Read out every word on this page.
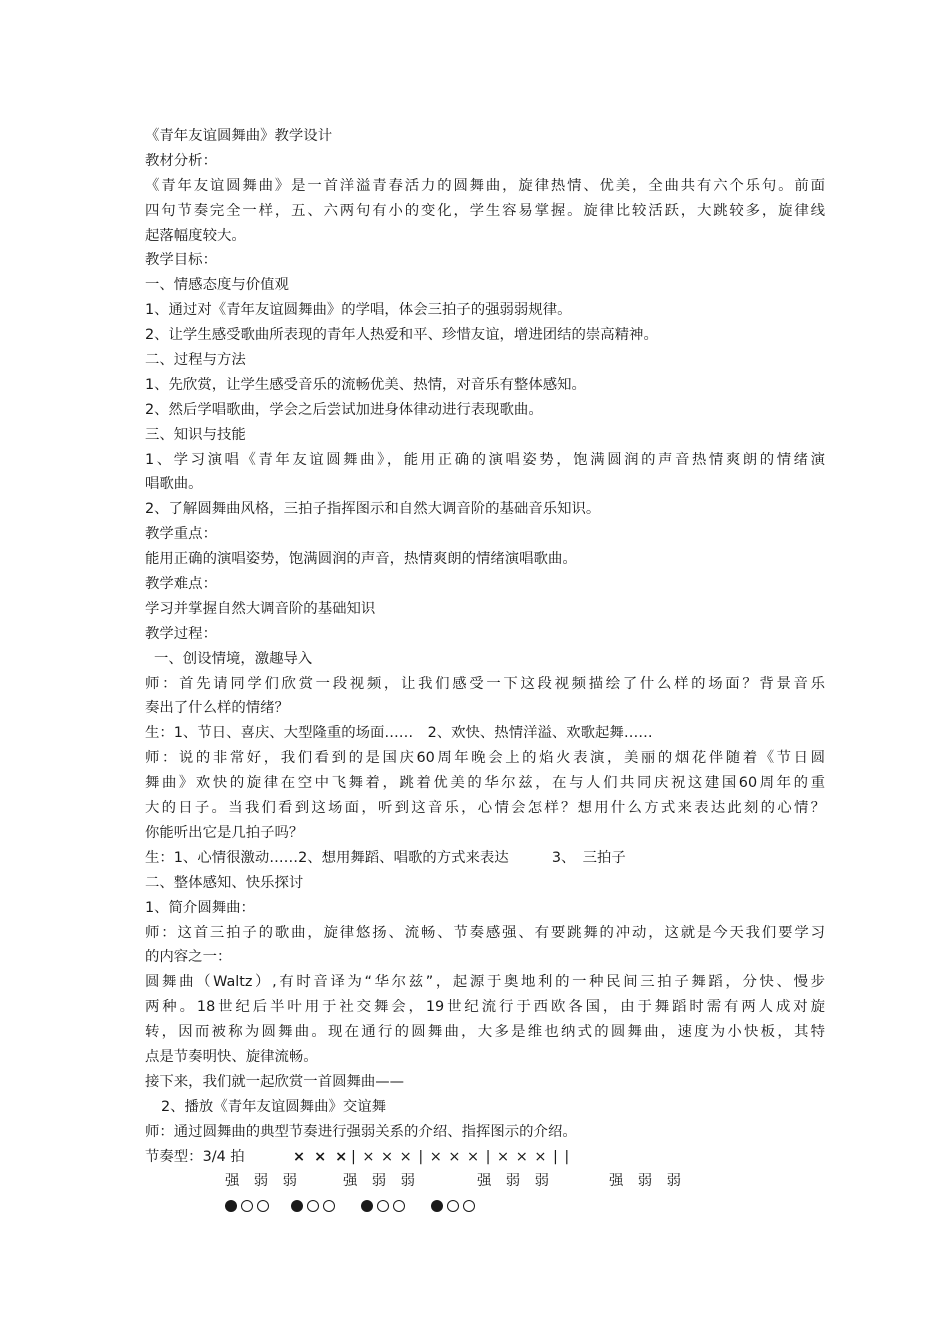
《青年友谊圆舞曲》教学设计
教材分析：
《青年友谊圆舞曲》是一首洋溢青春活力的圆舞曲，旋律热情、优美，全曲共有六个乐句。前面
四句节奏完全一样，五、六两句有小的变化，学生容易掌握。旋律比较活跃，大跳较多，旋律线
起落幅度较大。
教学目标：
一、情感态度与价值观
1、通过对《青年友谊圆舞曲》的学唱，体会三拍子的强弱弱规律。
2、让学生感受歌曲所表现的青年人热爱和平、珍惜友谊，增进团结的崇高精神。
二、过程与方法
1、先欣赏，让学生感受音乐的流畅优美、热情，对音乐有整体感知。
2、然后学唱歌曲，学会之后尝试加进身体律动进行表现歌曲。
三、知识与技能
1、学习演唱《青年友谊圆舞曲》，能用正确的演唱姿势，饱满圆润的声音热情爽朗的情绪演
唱歌曲。
2、了解圆舞曲风格，三拍子指挥图示和自然大调音阶的基础音乐知识。
教学重点：
能用正确的演唱姿势，饱满圆润的声音，热情爽朗的情绪演唱歌曲。
教学难点：
学习并掌握自然大调音阶的基础知识
教学过程：
一、创设情境，激趣导入
师：首先请同学们欣赏一段视频，让我们感受一下这段视频描绘了什么样的场面？背景音乐
奏出了什么样的情绪？
生：1、节日、喜庆、大型隆重的场面……　2、欢快、热情洋溢、欢歌起舞……
师：说的非常好，我们看到的是国庆60周年晚会上的焰火表演，美丽的烟花伴随着《节日圆
舞曲》欢快的旋律在空中飞舞着，跳着优美的华尔兹，在与人们共同庆祝这建国60周年的重
大的日子。当我们看到这场面，听到这音乐，心情会怎样？想用什么方式来表达此刻的心情？
你能听出它是几拍子吗？
生：1、心情很激动……2、想用舞蹈、唱歌的方式来表达　　　3、　三拍子
二、整体感知、快乐探讨
1、简介圆舞曲：
师：这首三拍子的歌曲，旋律悠扬、流畅、节奏感强、有要跳舞的冲动，这就是今天我们要学习
的内容之一：
圆舞曲（Waltz）,有时音译为“华尔兹”，起源于奥地利的一种民间三拍子舞蹈，分快、慢步
两种。18世纪后半叶用于社交舞会，19世纪流行于西欧各国，由于舞蹈时需有两人成对旋
转，因而被称为圆舞曲。现在通行的圆舞曲，大多是维也纳式的圆舞曲，速度为小快板，其特
点是节奏明快、旋律流畅。
接下来，我们就一起欣赏一首圆舞曲——
2、播放《青年友谊圆舞曲》交谊舞
师：通过圆舞曲的典型节奏进行强弱关系的介绍、指挥图示的介绍。
节奏型：3/4 拍	× × × | × × × | × × × | × × × | |
强　弱　弱	强　弱　弱	强　弱　弱	强　弱　弱
